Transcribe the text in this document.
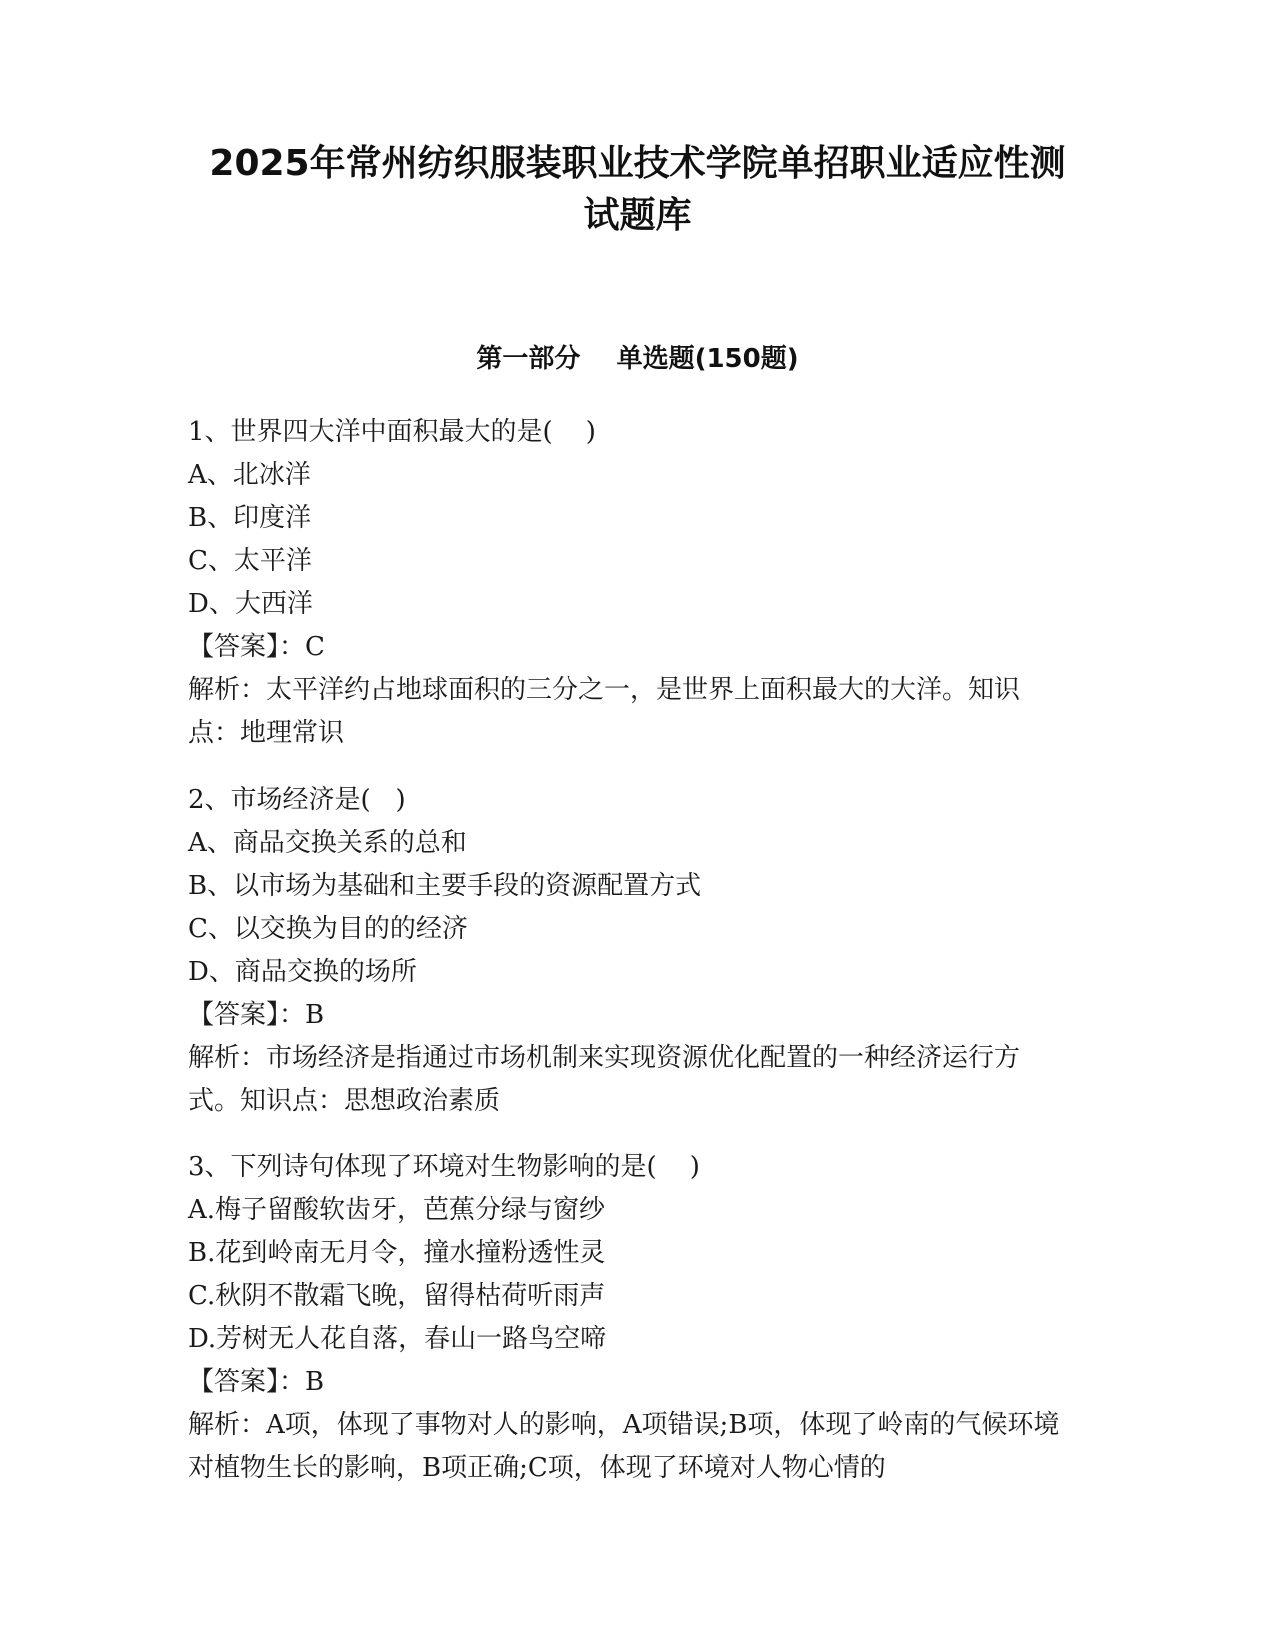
2025年常州纺织服装职业技术学院单招职业适应性测
试题库
第一部分    单选题(150题)
1、世界四大洋中面积最大的是(    )
A、北冰洋
B、印度洋
C、太平洋
D、大西洋
【答案】：C
解析：太平洋约占地球面积的三分之一，是世界上面积最大的大洋。知识点：地理常识
2、市场经济是(   )
A、商品交换关系的总和
B、以市场为基础和主要手段的资源配置方式
C、以交换为目的的经济
D、商品交换的场所
【答案】：B
解析：市场经济是指通过市场机制来实现资源优化配置的一种经济运行方式。知识点：思想政治素质
3、下列诗句体现了环境对生物影响的是(    )
A.梅子留酸软齿牙，芭蕉分绿与窗纱
B.花到岭南无月令，撞水撞粉透性灵
C.秋阴不散霜飞晚，留得枯荷听雨声
D.芳树无人花自落，春山一路鸟空啼
【答案】：B
解析：A项，体现了事物对人的影响，A项错误;B项，体现了岭南的气候环境对植物生长的影响，B项正确;C项，体现了环境对人物心情的
